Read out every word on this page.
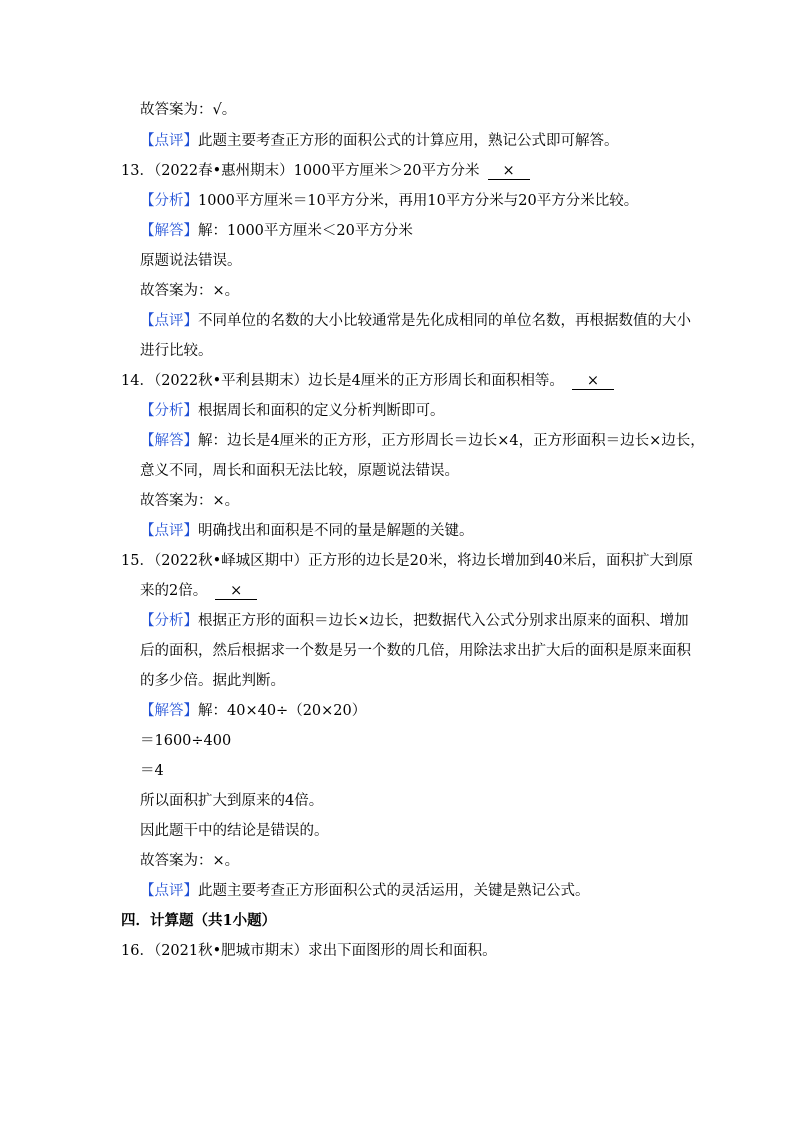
故答案为：√。
【点评】此题主要考查正方形的面积公式的计算应用，熟记公式即可解答。
13．（2022春•惠州期末）1000平方厘米＞20平方分米 ×
【分析】1000平方厘米＝10平方分米，再用10平方分米与20平方分米比较。
【解答】解：1000平方厘米＜20平方分米
原题说法错误。
故答案为：×。
【点评】不同单位的名数的大小比较通常是先化成相同的单位名数，再根据数值的大小
进行比较。
14．（2022秋•平利县期末）边长是4厘米的正方形周长和面积相等。 ×
【分析】根据周长和面积的定义分析判断即可。
【解答】解：边长是4厘米的正方形，正方形周长＝边长×4，正方形面积＝边长×边长，
意义不同，周长和面积无法比较，原题说法错误。
故答案为：×。
【点评】明确找出和面积是不同的量是解题的关键。
15．（2022秋•峄城区期中）正方形的边长是20米，将边长增加到40米后，面积扩大到原
来的2倍。 ×
【分析】根据正方形的面积＝边长×边长，把数据代入公式分别求出原来的面积、增加
后的面积，然后根据求一个数是另一个数的几倍，用除法求出扩大后的面积是原来面积
的多少倍。据此判断。
【解答】解：40×40÷（20×20）
＝1600÷400
＝4
所以面积扩大到原来的4倍。
因此题干中的结论是错误的。
故答案为：×。
【点评】此题主要考查正方形面积公式的灵活运用，关键是熟记公式。
四．计算题（共1小题）
16．（2021秋•肥城市期末）求出下面图形的周长和面积。
